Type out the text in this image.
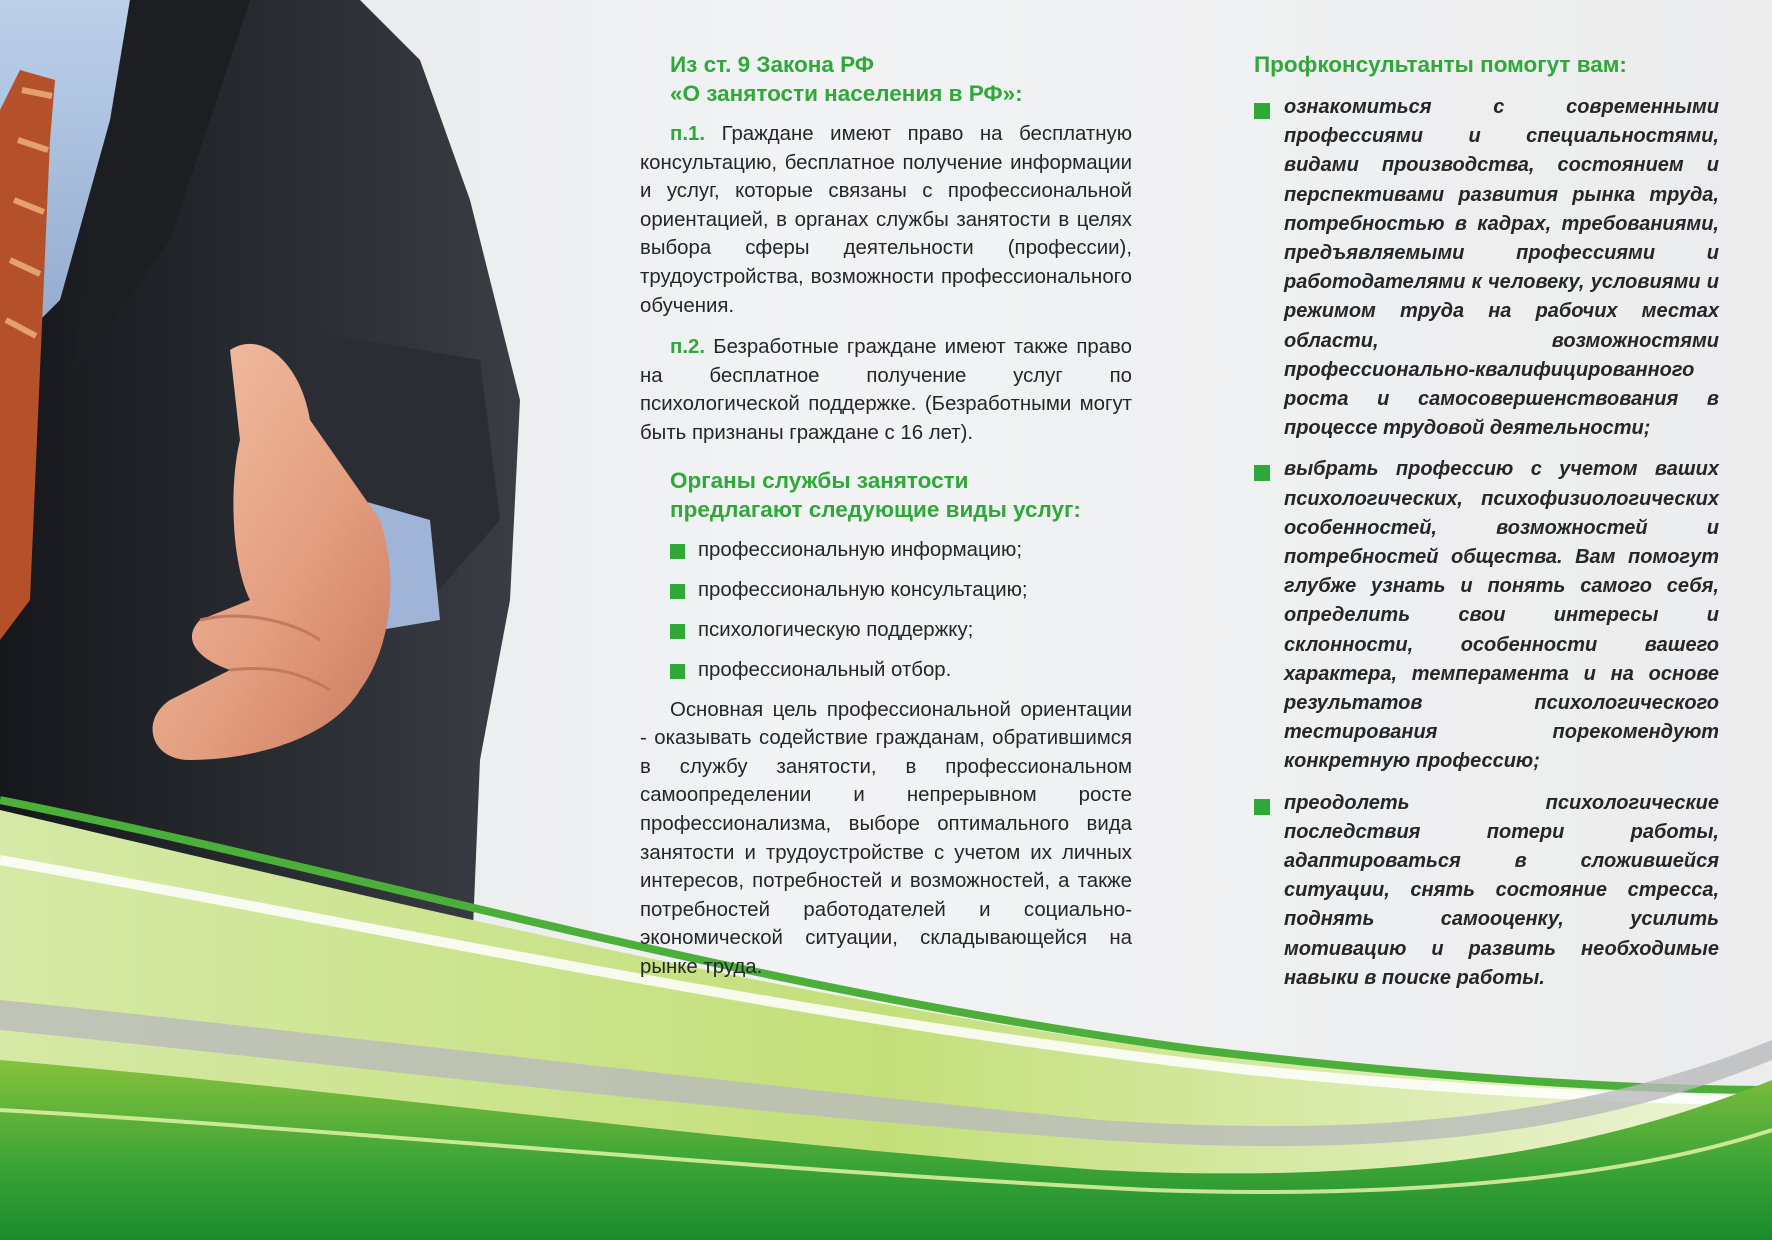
Из ст. 9 Закона РФ
«О занятости населения в РФ»:

п.1. Граждане имеют право на бесплатную консультацию, бесплатное получение информации и услуг, которые связаны с профессиональной ориентацией, в органах службы занятости в целях выбора сферы деятельности (профессии), трудоустройства, возможности профессионального обучения.

п.2. Безработные граждане имеют также право на бесплатное получение услуг по психологической поддержке. (Безработными могут быть признаны граждане с 16 лет).

Органы службы занятости
предлагают следующие виды услуг:
профессиональную информацию;
профессиональную консультацию;
психологическую поддержку;
профессиональный отбор.

Основная цель профессиональной ориентации - оказывать содействие гражданам, обратившимся в службу занятости, в профессиональном самоопределении и непрерывном росте профессионализма, выборе оптимального вида занятости и трудоустройстве с учетом их личных интересов, потребностей и возможностей, а также потребностей работодателей и социально-экономической ситуации, складывающейся на рынке труда.

Профконсультанты помогут вам:
ознакомиться с современными профессиями и специальностями, видами производства, состоянием и перспективами развития рынка труда, потребностью в кадрах, требованиями, предъявляемыми профессиями и работодателями к человеку, условиями и режимом труда на рабочих местах области, возможностями профессионально-квалифицированного роста и самосовершенствования в процессе трудовой деятельности;
выбрать профессию с учетом ваших психологических, психофизиологических особенностей, возможностей и потребностей общества. Вам помогут глубже узнать и понять самого себя, определить свои интересы и склонности, особенности вашего характера, темперамента и на основе результатов психологического тестирования порекомендуют конкретную профессию;
преодолеть психологические последствия потери работы, адаптироваться в сложившейся ситуации, снять состояние стресса, поднять самооценку, усилить мотивацию и развить необходимые навыки в поиске работы.
